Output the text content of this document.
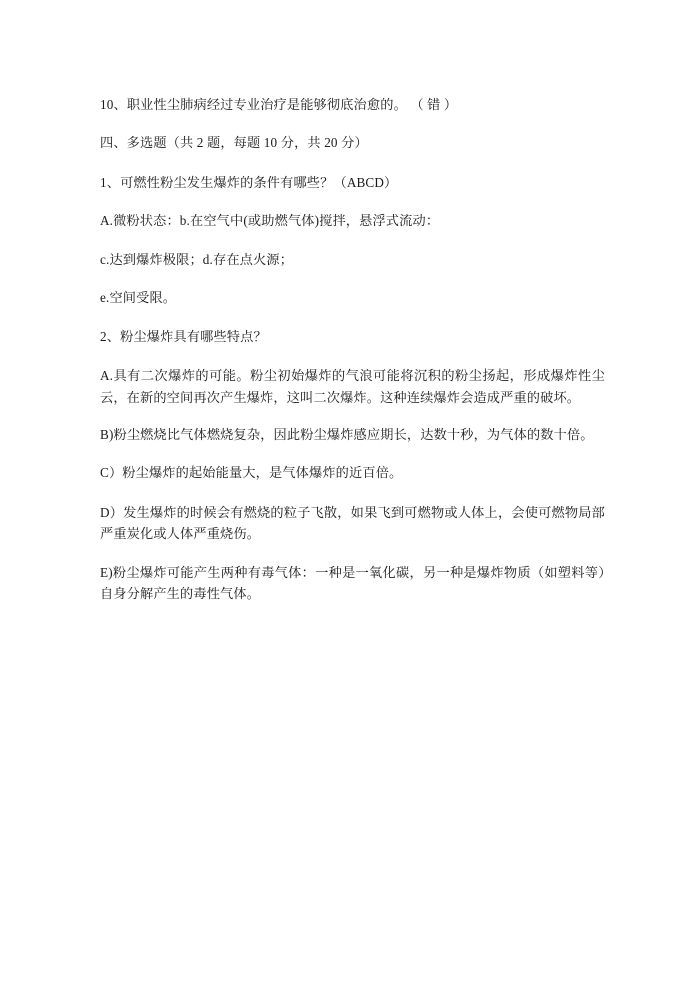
10、职业性尘肺病经过专业治疗是能够彻底治愈的。 （ 错 ）

四、多选题（共 2 题，每题 10 分，共 20 分）

1、可燃性粉尘发生爆炸的条件有哪些？（ABCD）

A.微粉状态：b.在空气中(或助燃气体)搅拌，悬浮式流动：

c.达到爆炸极限；d.存在点火源；

e.空间受限。

2、粉尘爆炸具有哪些特点？

A.具有二次爆炸的可能。粉尘初始爆炸的气浪可能将沉积的粉尘扬起，形成爆炸性尘云，在新的空间再次产生爆炸，这叫二次爆炸。这种连续爆炸会造成严重的破坏。

B)粉尘燃烧比气体燃烧复杂，因此粉尘爆炸感应期长，达数十秒，为气体的数十倍。

C）粉尘爆炸的起始能量大，是气体爆炸的近百倍。

D）发生爆炸的时候会有燃烧的粒子飞散，如果飞到可燃物或人体上，会使可燃物局部严重炭化或人体严重烧伤。

E)粉尘爆炸可能产生两种有毒气体：一种是一氧化碳，另一种是爆炸物质（如塑料等）自身分解产生的毒性气体。
